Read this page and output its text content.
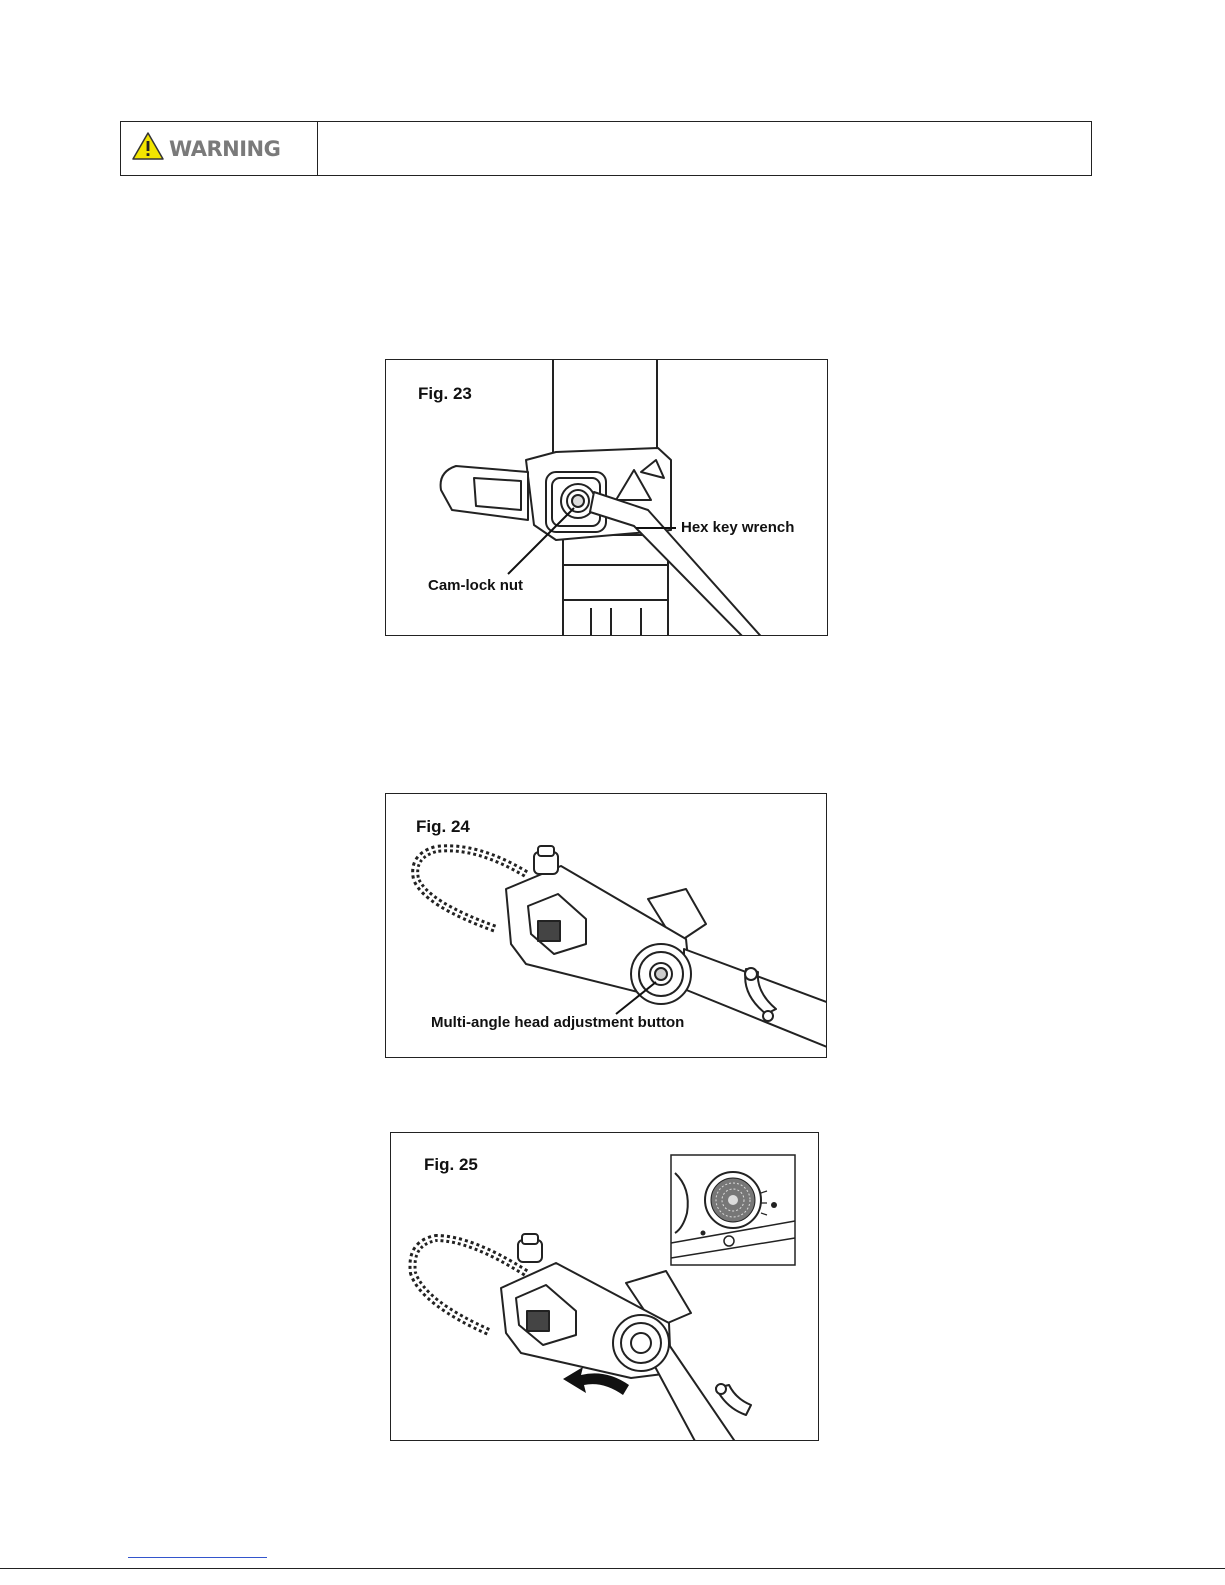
WARNING
Fig. 23
Hex key wrench
Cam-lock nut
Fig. 24
Multi-angle head adjustment button
Fig. 25
